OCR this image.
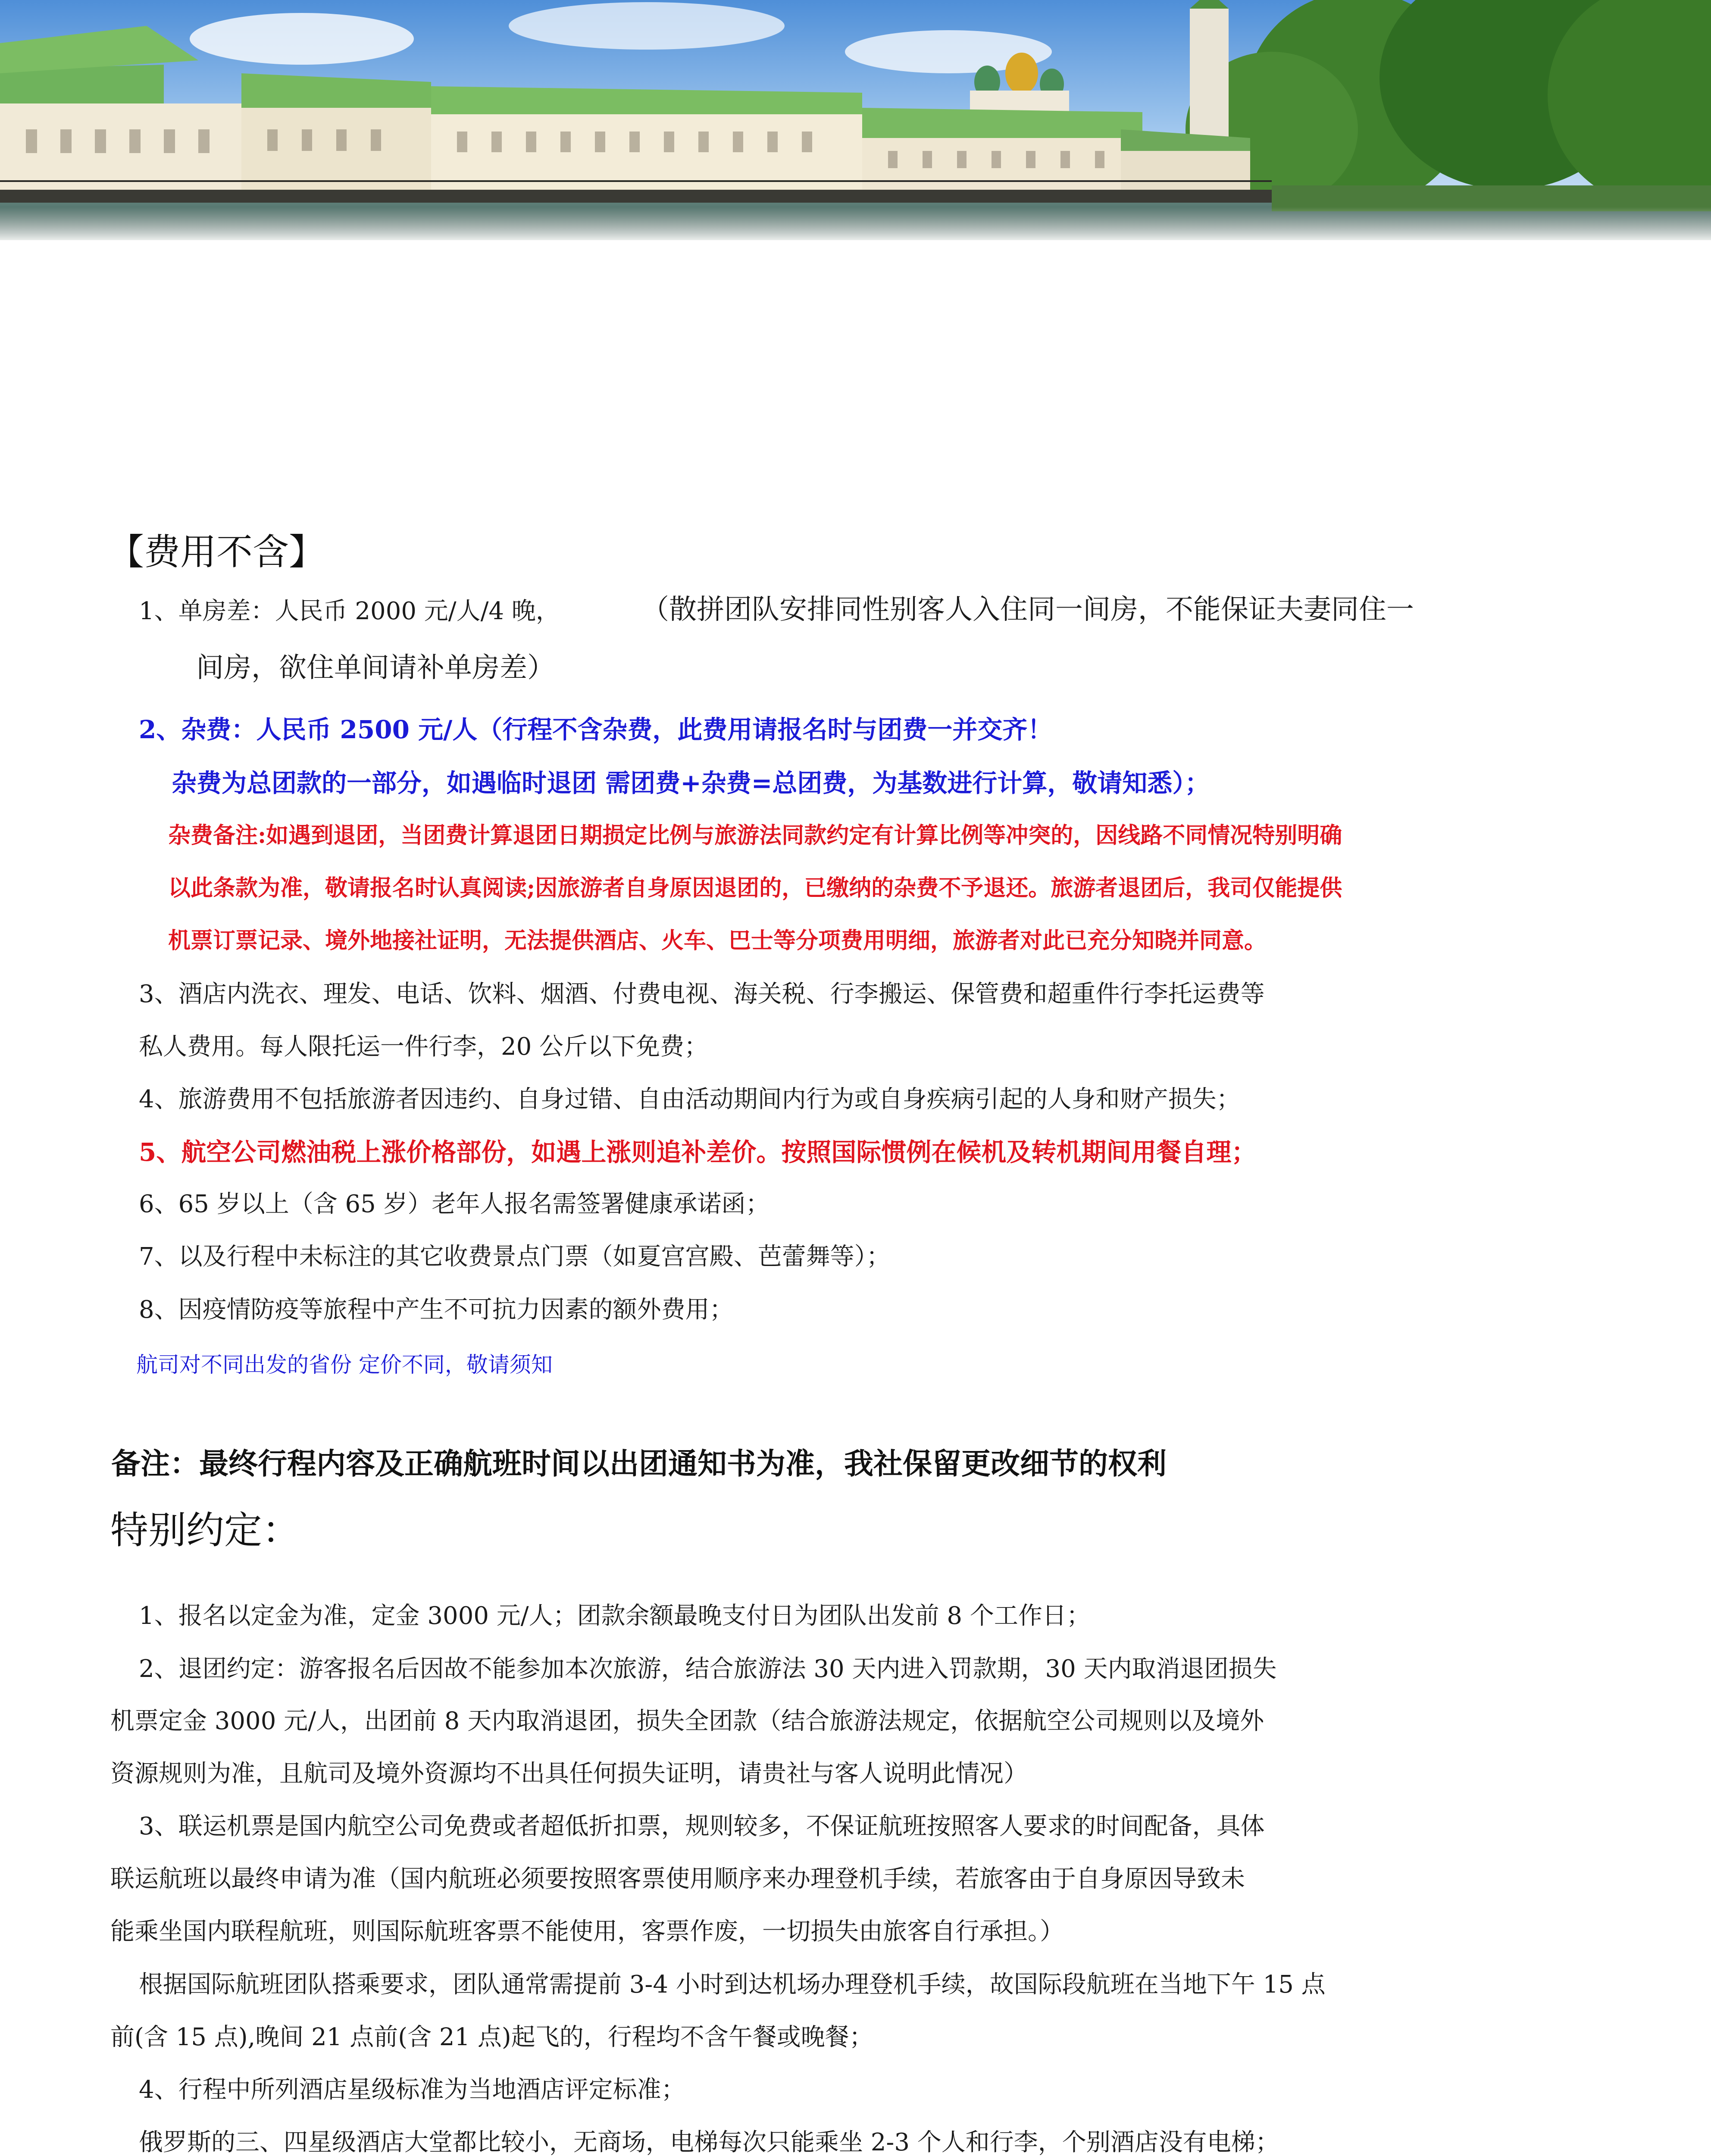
【费用不含】
1、单房差：人民币 2000 元/人/4 晚，	（散拼团队安排同性别客人入住同一间房，不能保证夫妻同住一
间房，欲住单间请补单房差）
2、杂费：人民币 2500 元/人（行程不含杂费，此费用请报名时与团费一并交齐！
杂费为总团款的一部分，如遇临时退团 需团费+杂费=总团费，为基数进行计算，敬请知悉）；
杂费备注:如遇到退团，当团费计算退团日期损定比例与旅游法同款约定有计算比例等冲突的，因线路不同情况特别明确
以此条款为准，敬请报名时认真阅读;因旅游者自身原因退团的，已缴纳的杂费不予退还。旅游者退团后，我司仅能提供
机票订票记录、境外地接社证明，无法提供酒店、火车、巴士等分项费用明细，旅游者对此已充分知晓并同意。
3、酒店内洗衣、理发、电话、饮料、烟酒、付费电视、海关税、行李搬运、保管费和超重件行李托运费等
私人费用。每人限托运一件行李，20 公斤以下免费；
4、旅游费用不包括旅游者因违约、自身过错、自由活动期间内行为或自身疾病引起的人身和财产损失；
5、航空公司燃油税上涨价格部份，如遇上涨则追补差价。按照国际惯例在候机及转机期间用餐自理；
6、65 岁以上（含 65 岁）老年人报名需签署健康承诺函；
7、以及行程中未标注的其它收费景点门票（如夏宫宫殿、芭蕾舞等）；
8、因疫情防疫等旅程中产生不可抗力因素的额外费用；
航司对不同出发的省份 定价不同，敬请须知
备注：最终行程内容及正确航班时间以出团通知书为准，我社保留更改细节的权利
特别约定：
1、报名以定金为准，定金 3000 元/人；团款余额最晚支付日为团队出发前 8 个工作日；
2、退团约定：游客报名后因故不能参加本次旅游，结合旅游法 30 天内进入罚款期，30 天内取消退团损失
机票定金 3000 元/人，出团前 8 天内取消退团，损失全团款（结合旅游法规定，依据航空公司规则以及境外
资源规则为准，且航司及境外资源均不出具任何损失证明，请贵社与客人说明此情况）
3、联运机票是国内航空公司免费或者超低折扣票，规则较多，不保证航班按照客人要求的时间配备，具体
联运航班以最终申请为准（国内航班必须要按照客票使用顺序来办理登机手续，若旅客由于自身原因导致未
能乘坐国内联程航班，则国际航班客票不能使用，客票作废，一切损失由旅客自行承担。）
根据国际航班团队搭乘要求，团队通常需提前 3-4 小时到达机场办理登机手续，故国际段航班在当地下午 15 点
前(含 15 点),晚间 21 点前(含 21 点)起飞的，行程均不含午餐或晚餐；
4、行程中所列酒店星级标准为当地酒店评定标准；
俄罗斯的三、四星级酒店大堂都比较小，无商场，电梯每次只能乘坐 2-3 个人和行李，个别酒店没有电梯；
